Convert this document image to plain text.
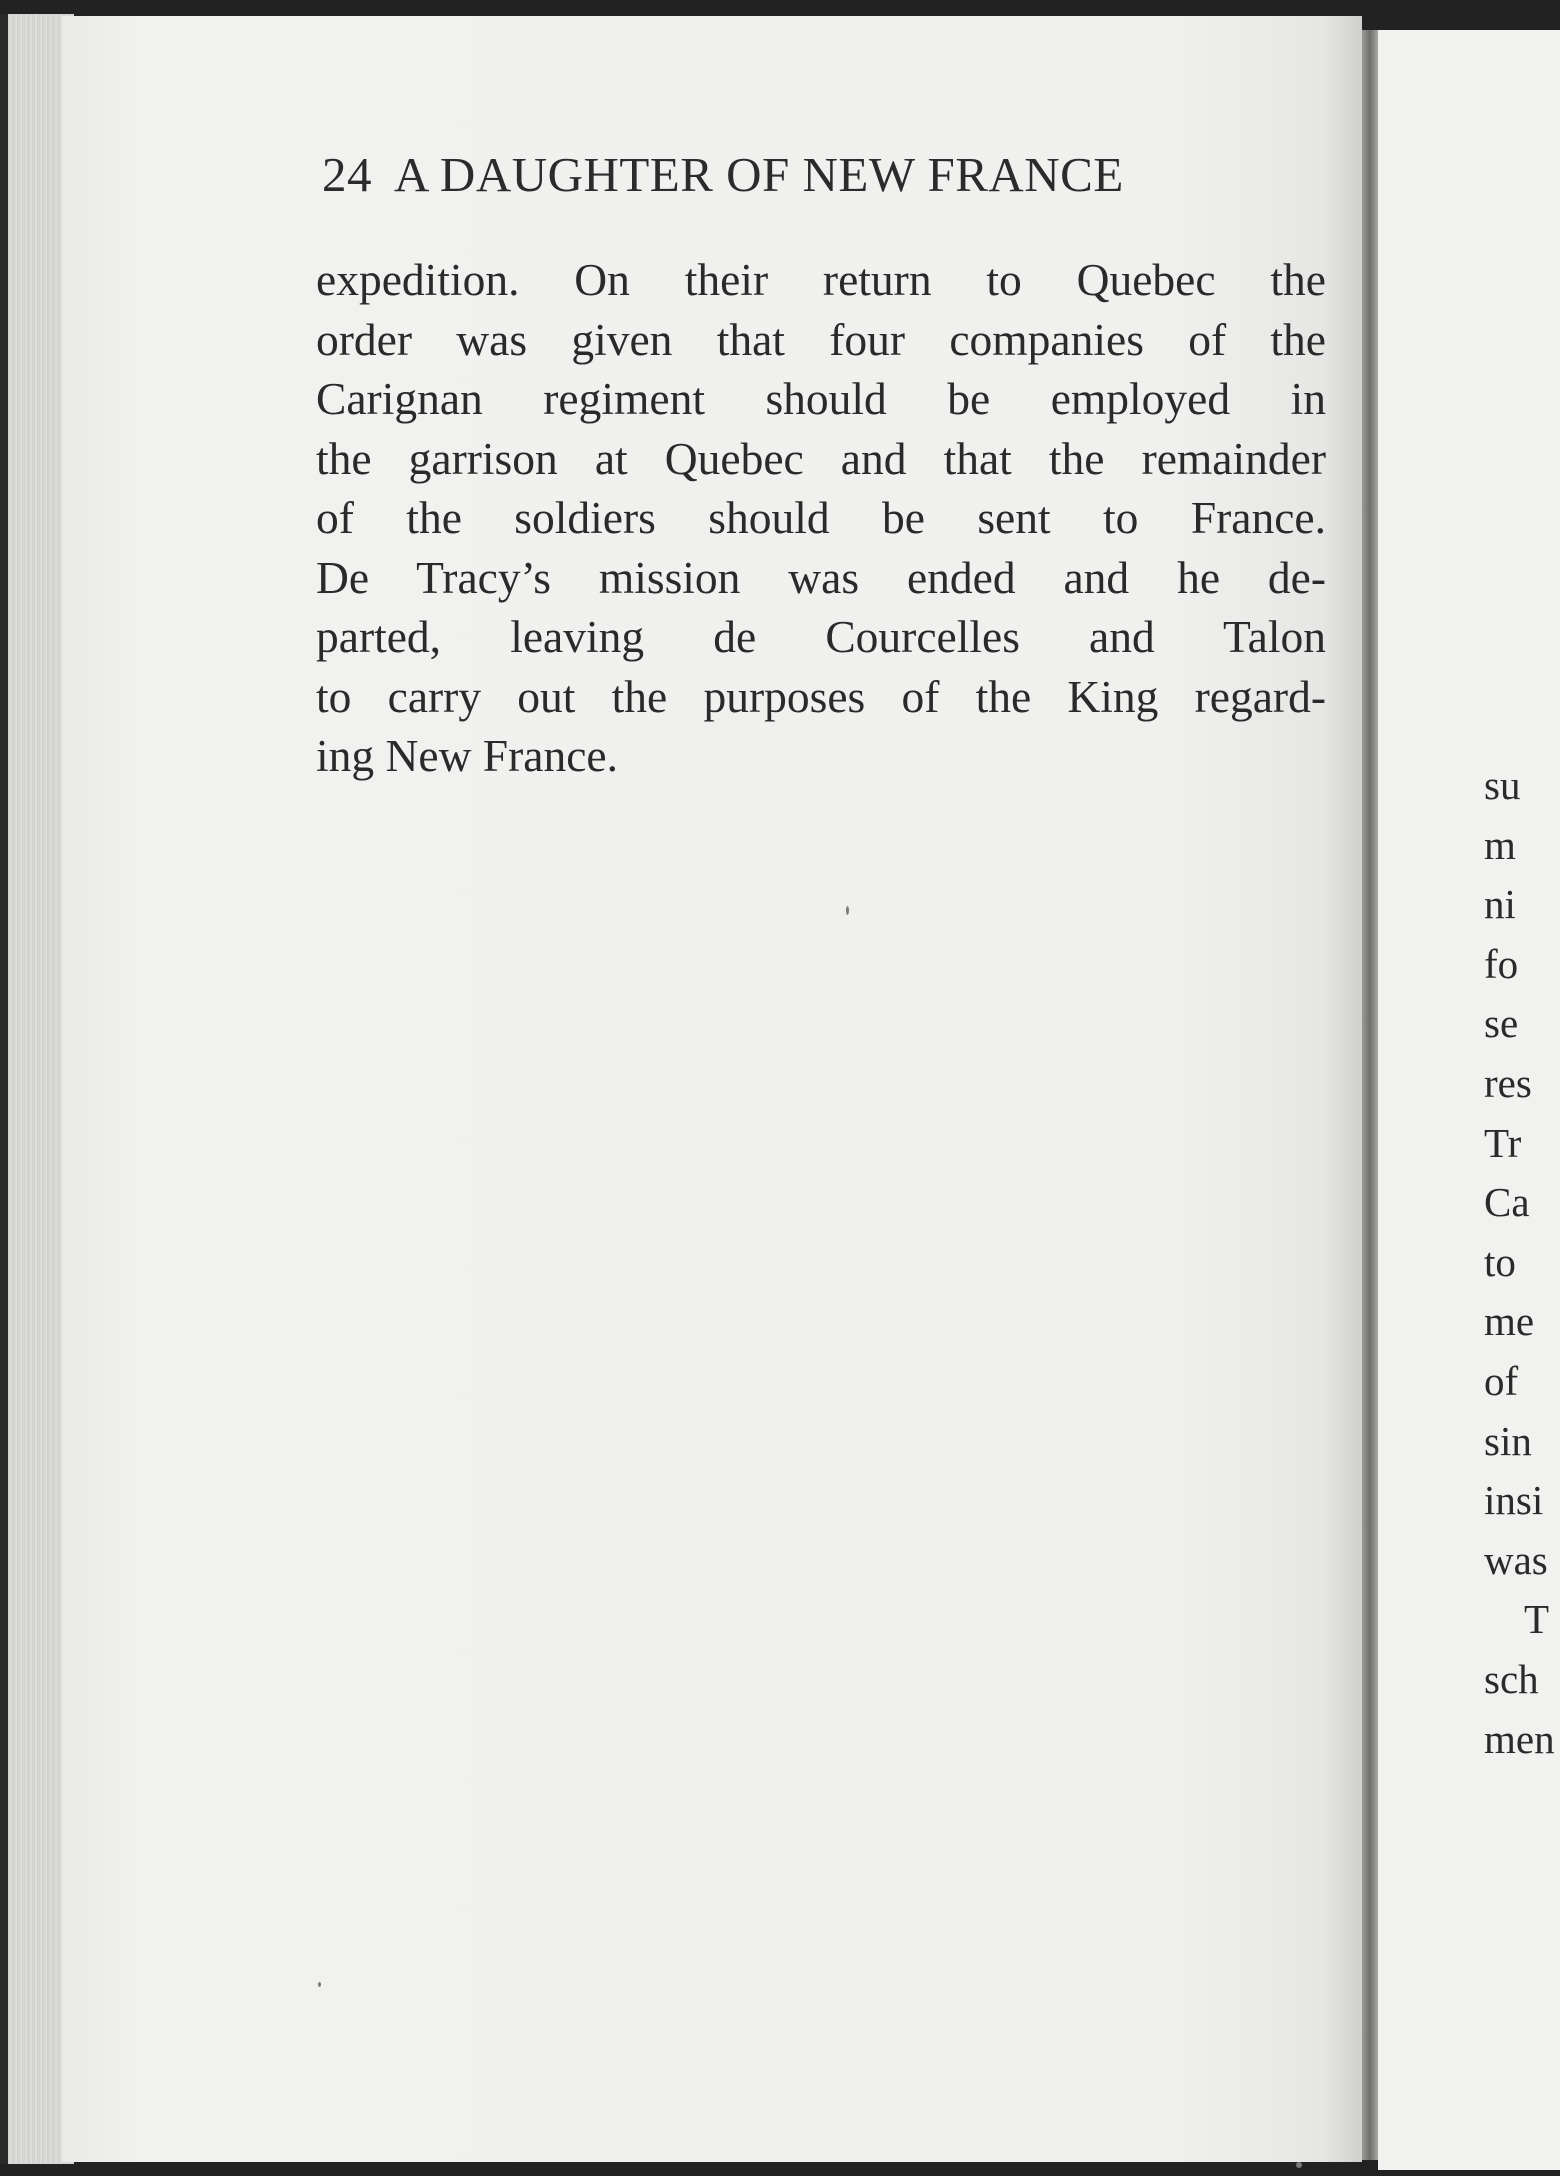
24 A DAUGHTER OF NEW FRANCE
expedition. On their return to Quebec the
order was given that four companies of the
Carignan regiment should be employed in
the garrison at Quebec and that the remainder
of the soldiers should be sent to France.
De Tracy’s mission was ended and he de-
parted, leaving de Courcelles and Talon
to carry out the purposes of the King regard-
ing New France.
su
m
ni
fo
se
res
Tr
Ca
to
me
of
sin
insi
was
T
sch
men
